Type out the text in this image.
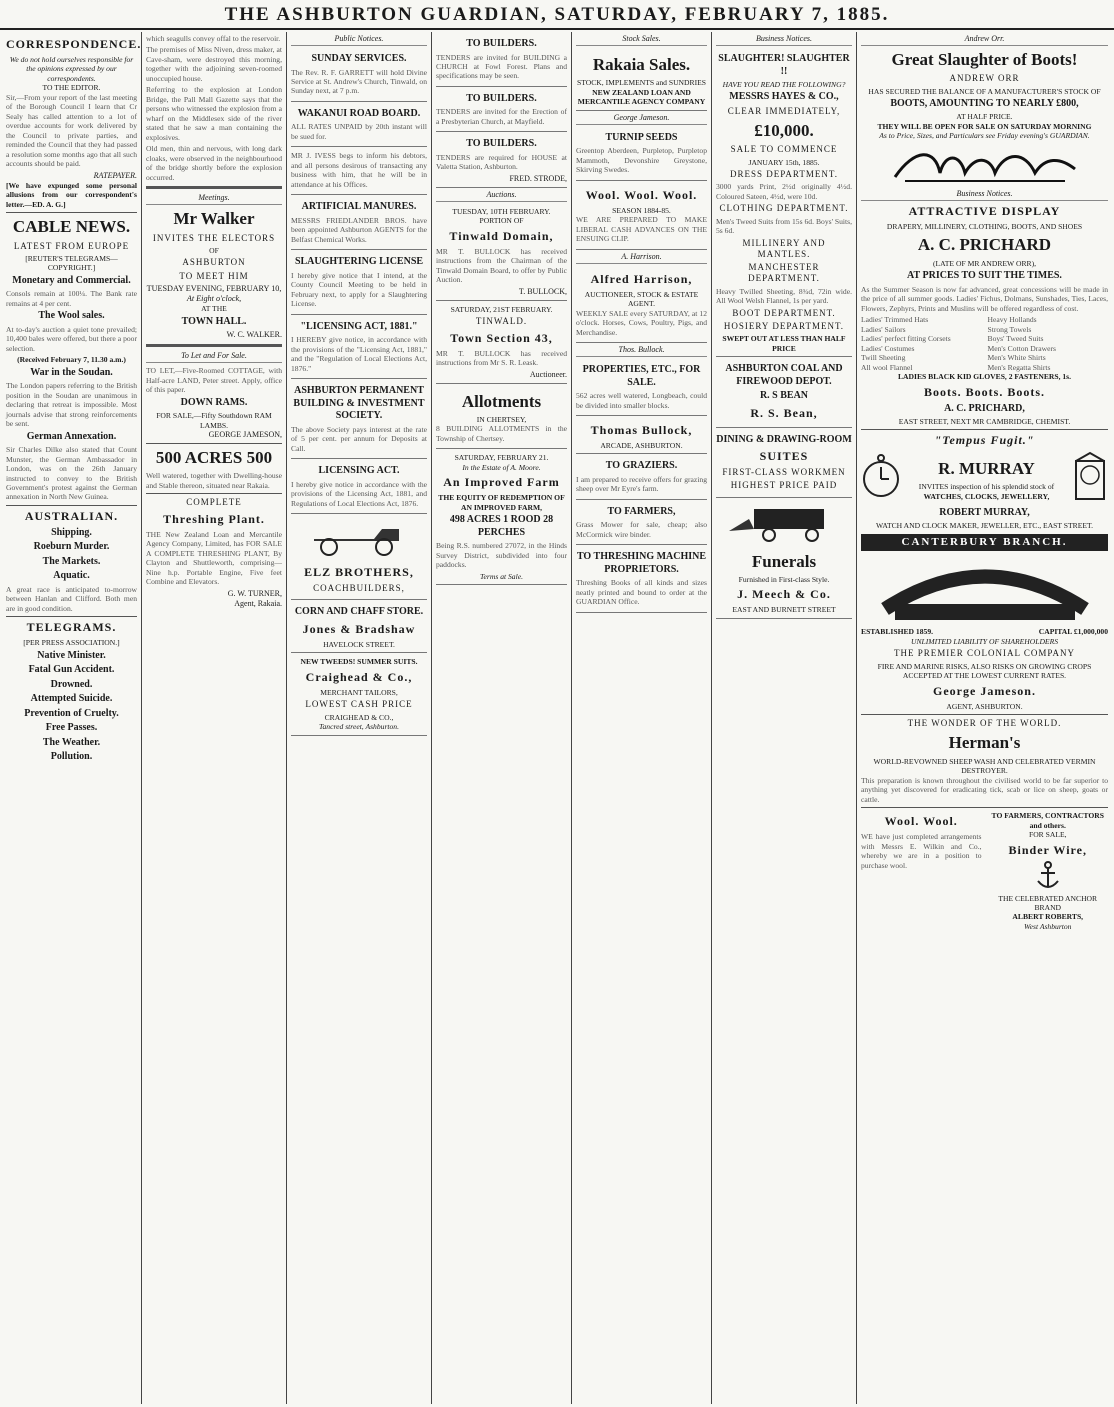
THE ASHBURTON GUARDIAN, SATURDAY, FEBRUARY 7, 1885.
CORRESPONDENCE.
We do not hold ourselves responsible for the opinions expressed by our correspondents.
TO THE EDITOR.

Sir,—From your report of the last meeting of the Borough Council I learn that Cr Sealy has called attention to a lot of overdue accounts for work delivered by the Council to private parties, and reminded the Council that they had passed a resolution some months ago that all such accounts should be paid.

RATEPAYER.

[We have expunged some personal allusions from our correspondent's letter.—ED. A. G.]

CABLE NEWS.
LATEST FROM EUROPE
[REUTER'S TELEGRAMS—COPYRIGHT.]
Monetary and Commercial.

Consols remain at 100¼. The Bank rate remains at 4 per cent.

The Wool sales.

At to-day's auction a quiet tone prevailed; 10,400 bales were offered, but there a poor selection.

(Received February 7, 11.30 a.m.)
War in the Soudan.

The London papers referring to the British position in the Soudan are unanimous in declaring that retreat is impossible. Most journals advise that strong reinforcements be sent.

German Annexation.

Sir Charles Dilke also stated that Count Munster, the German Ambassador in London, was on the 26th January instructed to convey to the British Government's protest against the German annexation in North New Guinea.

AUSTRALIAN.
Shipping.
Roeburn Murder.
The Markets.
Aquatic.

A great race is anticipated to-morrow between Hanlan and Clifford. Both men are in good condition.

TELEGRAMS.
[PER PRESS ASSOCIATION.]
Native Minister.
Fatal Gun Accident.
Drowned.
Attempted Suicide.
Prevention of Cruelty.
Free Passes.
The Weather.
Pollution.

which seagulls convey offal to the reservoir.

The premises of Miss Niven, dress maker, at Cave-sham, were destroyed this morning, together with the adjoining seven-roomed unoccupied house.

Referring to the explosion at London Bridge, the Pall Mall Gazette says that the persons who witnessed the explosion from a wharf on the Middlesex side of the river stated that he saw a man containing the explosives.

Old men, thin and nervous, with long dark cloaks, were observed in the neighbourhood of the bridge shortly before the explosion occurred.

Meetings.
Mr Walker
INVITES THE ELECTORS
OF
ASHBURTON
TO MEET HIM
TUESDAY EVENING, FEBRUARY 10,
At Eight o'clock,
AT THE
TOWN HALL.
W. C. WALKER.
To Let and For Sale.

TO LET,—Five-Roomed COTTAGE, with Half-acre LAND, Peter street. Apply, office of this paper.

DOWN RAMS.
FOR SALE,—Fifty Southdown RAM LAMBS.
GEORGE JAMESON,
500 ACRES 500

Well watered, together with Dwelling-house and Stable thereon, situated near Rakaia.

COMPLETE
Threshing Plant.

THE New Zealand Loan and Mercantile Agency Company, Limited, has FOR SALE A COMPLETE THRESHING PLANT, By Clayton and Shuttleworth, comprising—Nine h.p. Portable Engine, Five feet Combine and Elevators.

G. W. TURNER,
Agent, Rakaia.
Public Notices.
SUNDAY SERVICES.

The Rev. R. F. GARRETT will hold Divine Service at St. Andrew's Church, Tinwald, on Sunday next, at 7 p.m.

WAKANUI ROAD BOARD.

ALL RATES UNPAID by 20th instant will be sued for.

MR J. IVESS begs to inform his debtors, and all persons desirous of transacting any business with him, that he will be in attendance at his Offices.

ARTIFICIAL MANURES.

MESSRS FRIEDLANDER BROS. have been appointed Ashburton AGENTS for the Belfast Chemical Works.

SLAUGHTERING LICENSE

I hereby give notice that I intend, at the County Council Meeting to be held in February next, to apply for a Slaughtering License.

"LICENSING ACT, 1881."

I HEREBY give notice, in accordance with the provisions of the "Licensing Act, 1881," and the "Regulation of Local Elections Act, 1876."

ASHBURTON PERMANENT BUILDING & INVESTMENT SOCIETY.

The above Society pays interest at the rate of 5 per cent. per annum for Deposits at Call.

LICENSING ACT.

I hereby give notice in accordance with the provisions of the Licensing Act, 1881, and Regulations of Local Elections Act, 1876.

ELZ BROTHERS,
COACHBUILDERS,
CORN AND CHAFF STORE.
Jones & Bradshaw
HAVELOCK STREET.
NEW TWEEDS! SUMMER SUITS.
Craighead & Co.,
MERCHANT TAILORS,
LOWEST CASH PRICE
CRAIGHEAD & CO.,
Tancred street, Ashburton.
TO BUILDERS.

TENDERS are invited for BUILDING a CHURCH at Fowl Forest. Plans and specifications may be seen.

TO BUILDERS.

TENDERS are invited for the Erection of a Presbyterian Church, at Mayfield.

TO BUILDERS.

TENDERS are required for HOUSE at Valetta Station, Ashburton.

FRED. STRODE,
Auctions.
TUESDAY, 10TH FEBRUARY.
PORTION OF
Tinwald Domain,

MR T. BULLOCK has received instructions from the Chairman of the Tinwald Domain Board, to offer by Public Auction.

T. BULLOCK,
SATURDAY, 21ST FEBRUARY.
TINWALD.
Town Section 43,

MR T. BULLOCK has received instructions from Mr S. R. Leask.

Auctioneer.
Allotments
IN CHERTSEY,

8 BUILDING ALLOTMENTS in the Township of Chertsey.

SATURDAY, FEBRUARY 21.
In the Estate of A. Moore.
An Improved Farm
THE EQUITY OF REDEMPTION OF AN IMPROVED FARM,
498 ACRES 1 ROOD 28 PERCHES

Being R.S. numbered 27072, in the Hinds Survey District, subdivided into four paddocks.

Terms at Sale.
Stock Sales.
Rakaia Sales.
STOCK, IMPLEMENTS and SUNDRIES
NEW ZEALAND LOAN AND MERCANTILE AGENCY COMPANY
George Jameson.
TURNIP SEEDS

Greentop Aberdeen, Purpletop, Purpletop Mammoth, Devonshire Greystone, Skirving Swedes.

Wool. Wool. Wool.
SEASON 1884-85.

WE ARE PREPARED TO MAKE LIBERAL CASH ADVANCES ON THE ENSUING CLIP.

A. Harrison.
Alfred Harrison,
AUCTIONEER, STOCK & ESTATE AGENT.

WEEKLY SALE every SATURDAY, at 12 o'clock. Horses, Cows, Poultry, Pigs, and Merchandise.

Thos. Bullock.
PROPERTIES, ETC., FOR SALE.

562 acres well watered, Longbeach, could be divided into smaller blocks.

Thomas Bullock,
ARCADE, ASHBURTON.
TO GRAZIERS.

I am prepared to receive offers for grazing sheep over Mr Eyre's farm.

TO FARMERS,

Grass Mower for sale, cheap; also McCormick wire binder.

TO THRESHING MACHINE PROPRIETORS.

Threshing Books of all kinds and sizes neatly printed and bound to order at the GUARDIAN Office.

Business Notices.
SLAUGHTER! SLAUGHTER !!
HAVE YOU READ THE FOLLOWING?
MESSRS HAYES & CO.,
CLEAR IMMEDIATELY,
£10,000.
SALE TO COMMENCE
JANUARY 15th, 1885.
DRESS DEPARTMENT.

3000 yards Print, 2½d originally 4½d. Coloured Sateen, 4½d, were 10d.

CLOTHING DEPARTMENT.

Men's Tweed Suits from 15s 6d. Boys' Suits, 5s 6d.

MILLINERY AND MANTLES.
MANCHESTER DEPARTMENT.

Heavy Twilled Sheeting, 8¾d, 72in wide. All Wool Welsh Flannel, 1s per yard.

BOOT DEPARTMENT.
HOSIERY DEPARTMENT.
SWEPT OUT AT LESS THAN HALF PRICE
ASHBURTON COAL AND FIREWOOD DEPOT.
R. S BEAN
R. S. Bean,
DINING & DRAWING-ROOM
SUITES
FIRST-CLASS WORKMEN
HIGHEST PRICE PAID
Funerals
Furnished in First-class Style.
J. Meech & Co.
EAST AND BURNETT STREET
Andrew Orr.
Great Slaughter of Boots!
ANDREW ORR
HAS SECURED THE BALANCE OF A MANUFACTURER'S STOCK OF
BOOTS, AMOUNTING TO NEARLY £800,
AT HALF PRICE.
THEY WILL BE OPEN FOR SALE ON SATURDAY MORNING
As to Price, Sizes, and Particulars see Friday evening's GUARDIAN.
Business Notices.
ATTRACTIVE DISPLAY
DRAPERY, MILLINERY, CLOTHING, BOOTS, AND SHOES
A. C. PRICHARD
(LATE OF MR ANDREW ORR),
AT PRICES TO SUIT THE TIMES.

As the Summer Season is now far advanced, great concessions will be made in the price of all summer goods. Ladies' Fichus, Dolmans, Sunshades, Ties, Laces, Flowers, Zephyrs, Prints and Muslins will be offered regardless of cost.

Ladies' Trimmed Hats
Ladies' Sailors
Ladies' perfect fitting Corsets
Ladies' Costumes
Twill Sheeting
All wool Flannel
Heavy Hollands
Strong Towels
Boys' Tweed Suits
Men's Cotton Drawers
Men's White Shirts
Men's Regatta Shirts
LADIES BLACK KID GLOVES, 2 FASTENERS, 1s.
Boots. Boots. Boots.
A. C. PRICHARD,
EAST STREET, NEXT MR CAMBRIDGE, CHEMIST.
"Tempus Fugit."
R. MURRAY
INVITES inspection of his splendid stock of
WATCHES, CLOCKS, JEWELLERY,
ROBERT MURRAY,
WATCH AND CLOCK MAKER, JEWELLER, ETC., EAST STREET.
CANTERBURY BRANCH.
ESTABLISHED 1859.	CAPITAL £1,000,000
UNLIMITED LIABILITY OF SHAREHOLDERS
THE PREMIER COLONIAL COMPANY
FIRE AND MARINE RISKS, ALSO RISKS ON GROWING CROPS ACCEPTED AT THE LOWEST CURRENT RATES.
George Jameson.
AGENT, ASHBURTON.
THE WONDER OF THE WORLD.
Herman's
WORLD-REVOWNED SHEEP WASH AND CELEBRATED VERMIN DESTROYER.

This preparation is known throughout the civilised world to be far superior to anything yet discovered for eradicating tick, scab or lice on sheep, goats or cattle.

Wool. Wool.

WE have just completed arrangements with Messrs E. Wilkin and Co., whereby we are in a position to purchase wool.

TO FARMERS, CONTRACTORS and others.
FOR SALE,
Binder Wire,
THE CELEBRATED ANCHOR BRAND
ALBERT ROBERTS,
West Ashburton
